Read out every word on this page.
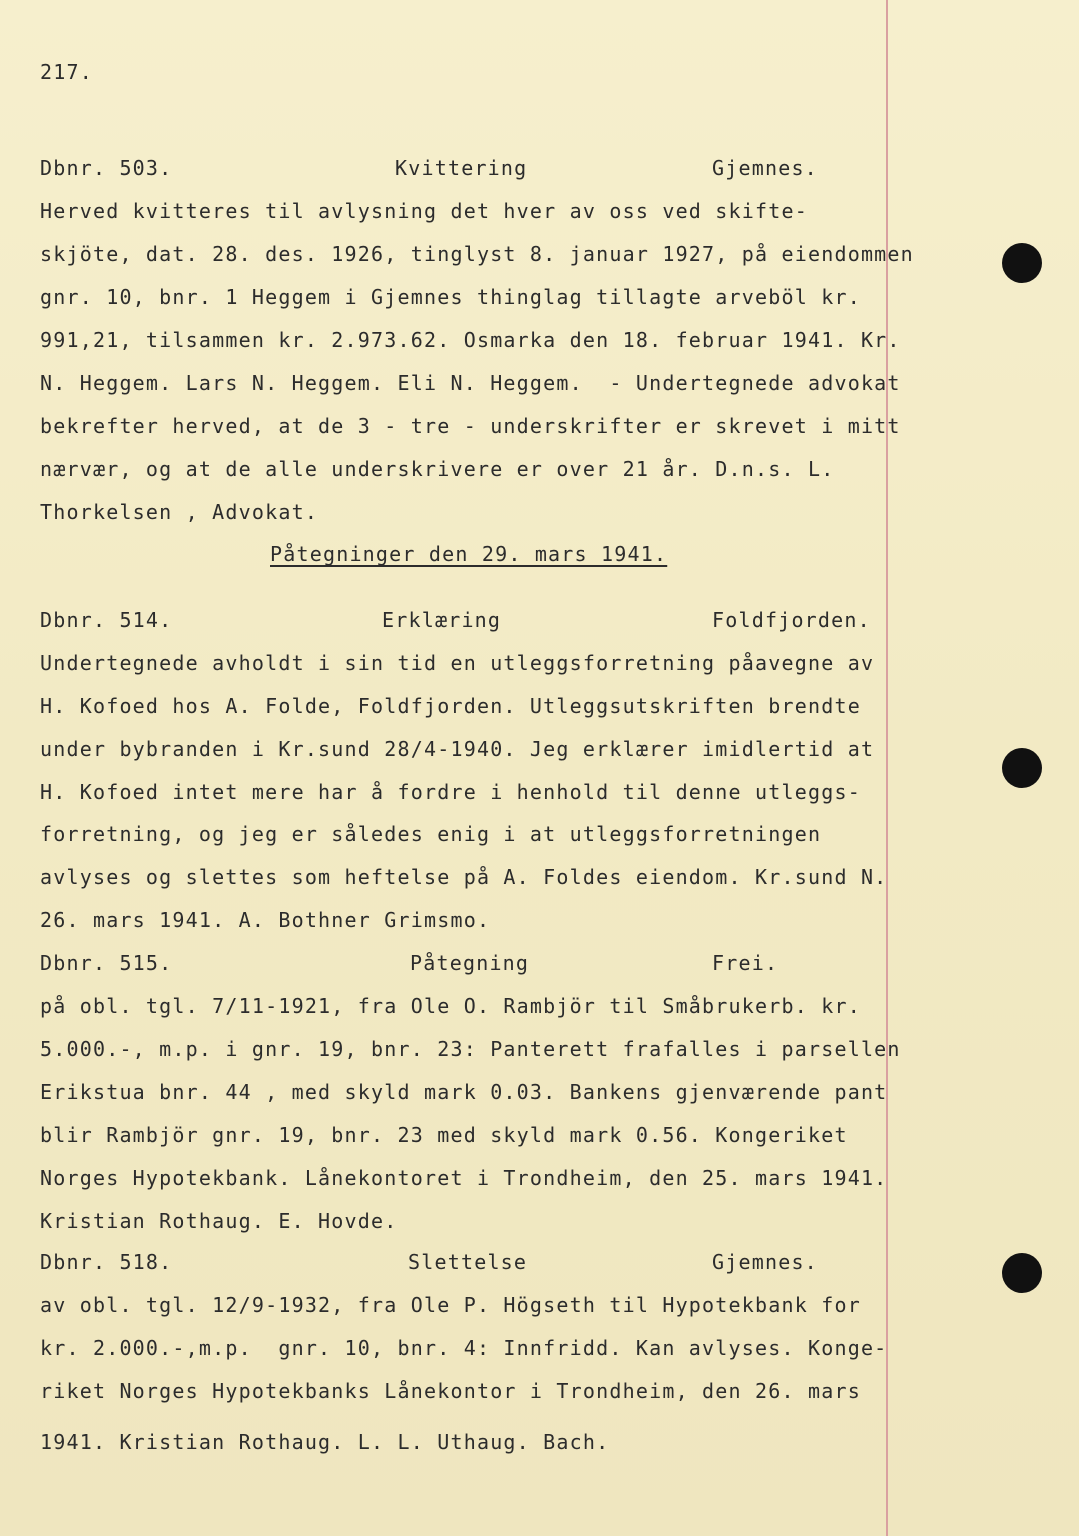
217.
Dbnr. 503.	Kvittering	Gjemnes.
Herved kvitteres til avlysning det hver av oss ved skifte-
skjöte, dat. 28. des. 1926, tinglyst 8. januar 1927, på eiendommen
gnr. 10, bnr. 1 Heggem i Gjemnes thinglag tillagte arveböl kr.
991,21, tilsammen kr. 2.973.62. Osmarka den 18. februar 1941. Kr.
N. Heggem. Lars N. Heggem. Eli N. Heggem.  - Undertegnede advokat
bekrefter herved, at de 3 - tre - underskrifter er skrevet i mitt
nærvær, og at de alle underskrivere er over 21 år. D.n.s. L.
Thorkelsen , Advokat.
Påtegninger den 29. mars 1941.
Dbnr. 514.	Erklæring	Foldfjorden.
Undertegnede avholdt i sin tid en utleggsforretning påavegne av
H. Kofoed hos A. Folde, Foldfjorden. Utleggsutskriften brendte
under bybranden i Kr.sund 28/4-1940. Jeg erklærer imidlertid at
H. Kofoed intet mere har å fordre i henhold til denne utleggs-
forretning, og jeg er således enig i at utleggsforretningen
avlyses og slettes som heftelse på A. Foldes eiendom. Kr.sund N.
26. mars 1941. A. Bothner Grimsmo.
Dbnr. 515.	Påtegning	Frei.
på obl. tgl. 7/11-1921, fra Ole O. Rambjör til Småbrukerb. kr.
5.000.-, m.p. i gnr. 19, bnr. 23: Panterett frafalles i parsellen
Erikstua bnr. 44 , med skyld mark 0.03. Bankens gjenværende pant
blir Rambjör gnr. 19, bnr. 23 med skyld mark 0.56. Kongeriket
Norges Hypotekbank. Lånekontoret i Trondheim, den 25. mars 1941.
Kristian Rothaug. E. Hovde.
Dbnr. 518.	Slettelse	Gjemnes.
av obl. tgl. 12/9-1932, fra Ole P. Högseth til Hypotekbank for
kr. 2.000.-,m.p.  gnr. 10, bnr. 4: Innfridd. Kan avlyses. Konge-
riket Norges Hypotekbanks Lånekontor i Trondheim, den 26. mars
1941. Kristian Rothaug. L. L. Uthaug. Bach.
